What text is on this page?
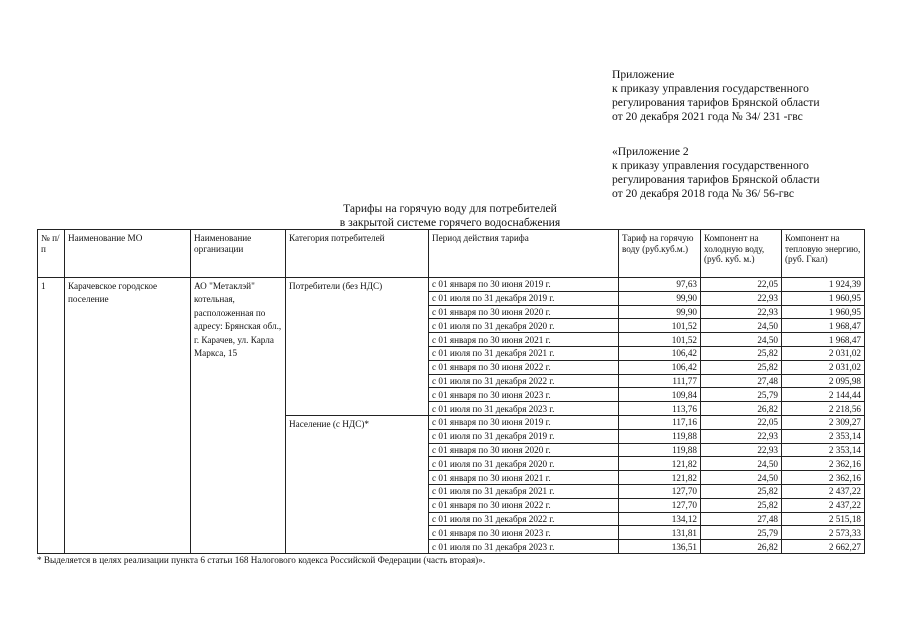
Приложение
к приказу управления государственного
регулирования тарифов Брянской области
от 20 декабря 2021 года № 34/ 231 -гвс
«Приложение 2
к приказу управления государственного
регулирования тарифов Брянской области
от 20 декабря 2018 года № 36/ 56-гвс
Тарифы на горячую воду для потребителей
в закрытой системе горячего водоснабжения
№ п/п	Наименование МО	Наименование организации	Категория потребителей	Период действия тарифа	Тариф на горячую воду (руб.куб.м.)	Компонент на холодную воду, (руб. куб. м.)	Компонент на тепловую энергию, (руб. Гкал)
1	Карачевское городское поселение	АО "Метаклэй" котельная, расположенная по адресу: Брянская обл., г. Карачев, ул. Карла Маркса, 15	Потребители (без НДС)	с 01 января по 30 июня 2019 г.	97,63	22,05	1 924,39
				с 01 июля по 31 декабря 2019 г.	99,90	22,93	1 960,95
				с 01 января по 30 июня 2020 г.	99,90	22,93	1 960,95
				с 01 июля по 31 декабря 2020 г.	101,52	24,50	1 968,47
				с 01 января по 30 июня 2021 г.	101,52	24,50	1 968,47
				с 01 июля по 31 декабря 2021 г.	106,42	25,82	2 031,02
				с 01 января по 30 июня 2022 г.	106,42	25,82	2 031,02
				с 01 июля по 31 декабря 2022 г.	111,77	27,48	2 095,98
				с 01 января по 30 июня 2023 г.	109,84	25,79	2 144,44
				с 01 июля по 31 декабря 2023 г.	113,76	26,82	2 218,56
			Население (с НДС)*	с 01 января по 30 июня 2019 г.	117,16	22,05	2 309,27
				с 01 июля по 31 декабря 2019 г.	119,88	22,93	2 353,14
				с 01 января по 30 июня 2020 г.	119,88	22,93	2 353,14
				с 01 июля по 31 декабря 2020 г.	121,82	24,50	2 362,16
				с 01 января по 30 июня 2021 г.	121,82	24,50	2 362,16
				с 01 июля по 31 декабря 2021 г.	127,70	25,82	2 437,22
				с 01 января по 30 июня 2022 г.	127,70	25,82	2 437,22
				с 01 июля по 31 декабря 2022 г.	134,12	27,48	2 515,18
				с 01 января по 30 июня 2023 г.	131,81	25,79	2 573,33
				с 01 июля по 31 декабря 2023 г.	136,51	26,82	2 662,27
* Выделяется в целях реализации пункта 6 статьи 168 Налогового кодекса Российской Федерации (часть вторая)».
